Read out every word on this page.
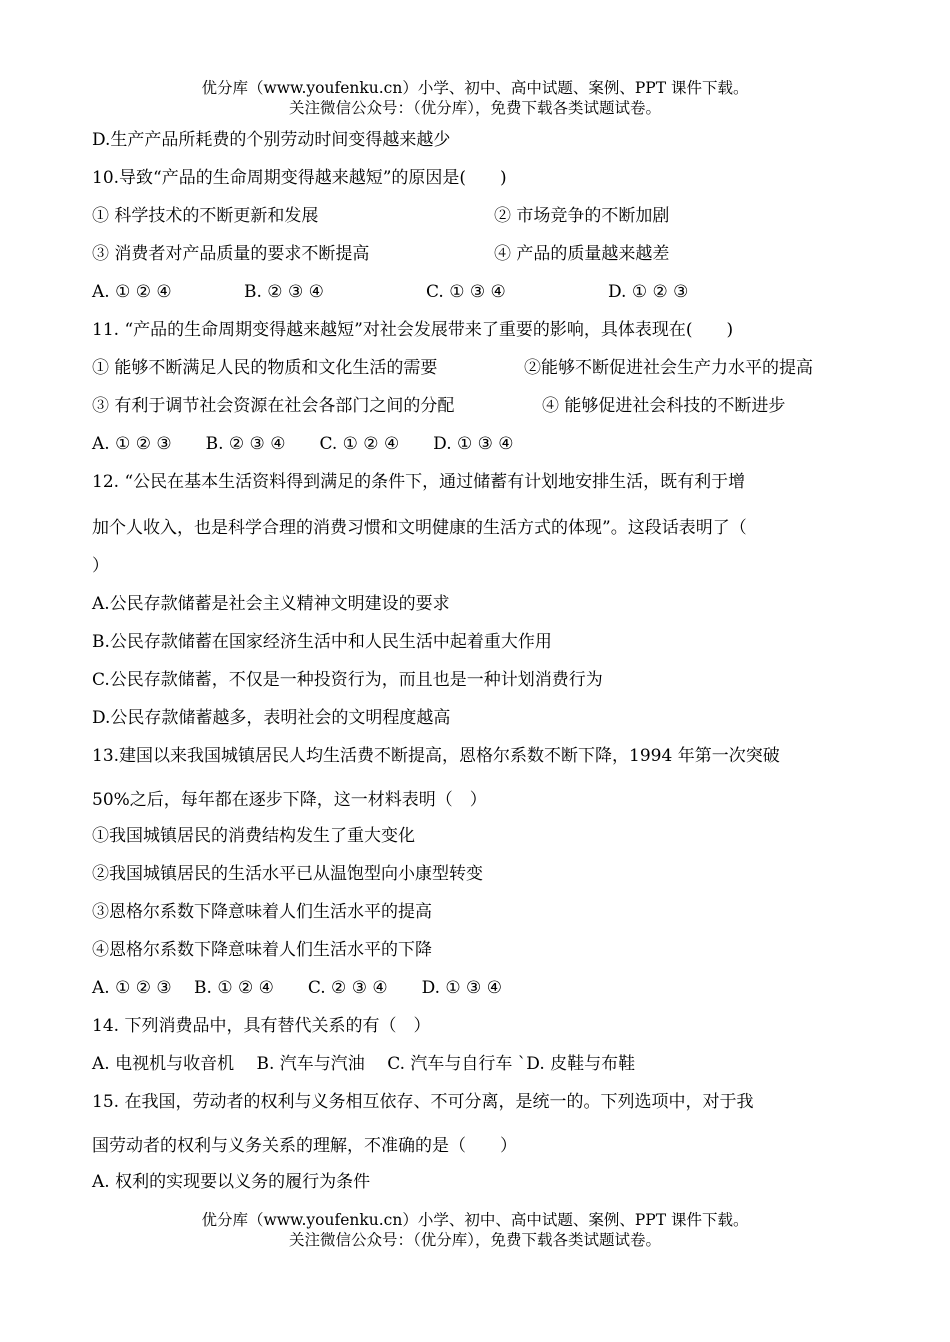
优分库（www.youfenku.cn）小学、初中、高中试题、案例、PPT 课件下载。
关注微信公众号：（优分库），免费下载各类试题试卷。
D.生产产品所耗费的个别劳动时间变得越来越少
10.导致“产品的生命周期变得越来越短”的原因是(　　)
① 科学技术的不断更新和发展	② 市场竞争的不断加剧
③ 消费者对产品质量的要求不断提高	④ 产品的质量越来越差
A. ① ② ④	B. ② ③ ④	C. ① ③ ④	D. ① ② ③
11. “产品的生命周期变得越来越短”对社会发展带来了重要的影响，具体表现在(　　)
① 能够不断满足人民的物质和文化生活的需要	②能够不断促进社会生产力水平的提高
③ 有利于调节社会资源在社会各部门之间的分配	④ 能够促进社会科技的不断进步
A. ① ② ③　　B. ② ③ ④　　C. ① ② ④　　D. ① ③ ④
12. “公民在基本生活资料得到满足的条件下，通过储蓄有计划地安排生活，既有利于增
加个人收入，也是科学合理的消费习惯和文明健康的生活方式的体现”。这段话表明了（
）
A.公民存款储蓄是社会主义精神文明建设的要求
B.公民存款储蓄在国家经济生活中和人民生活中起着重大作用
C.公民存款储蓄，不仅是一种投资行为，而且也是一种计划消费行为
D.公民存款储蓄越多，表明社会的文明程度越高
13.建国以来我国城镇居民人均生活费不断提高，恩格尔系数不断下降，1994 年第一次突破
50%之后，每年都在逐步下降，这一材料表明（　）
①我国城镇居民的消费结构发生了重大变化
②我国城镇居民的生活水平已从温饱型向小康型转变
③恩格尔系数下降意味着人们生活水平的提高
④恩格尔系数下降意味着人们生活水平的下降
A. ① ② ③　 B. ① ② ④　　C. ② ③ ④　　D. ① ③ ④
14. 下列消费品中，具有替代关系的有（　）
A. 电视机与收音机　 B. 汽车与汽油　 C. 汽车与自行车 `D. 皮鞋与布鞋
15. 在我国，劳动者的权利与义务相互依存、不可分离，是统一的。下列选项中，对于我
国劳动者的权利与义务关系的理解，不准确的是（　　）
A. 权利的实现要以义务的履行为条件
优分库（www.youfenku.cn）小学、初中、高中试题、案例、PPT 课件下载。
关注微信公众号：（优分库），免费下载各类试题试卷。
